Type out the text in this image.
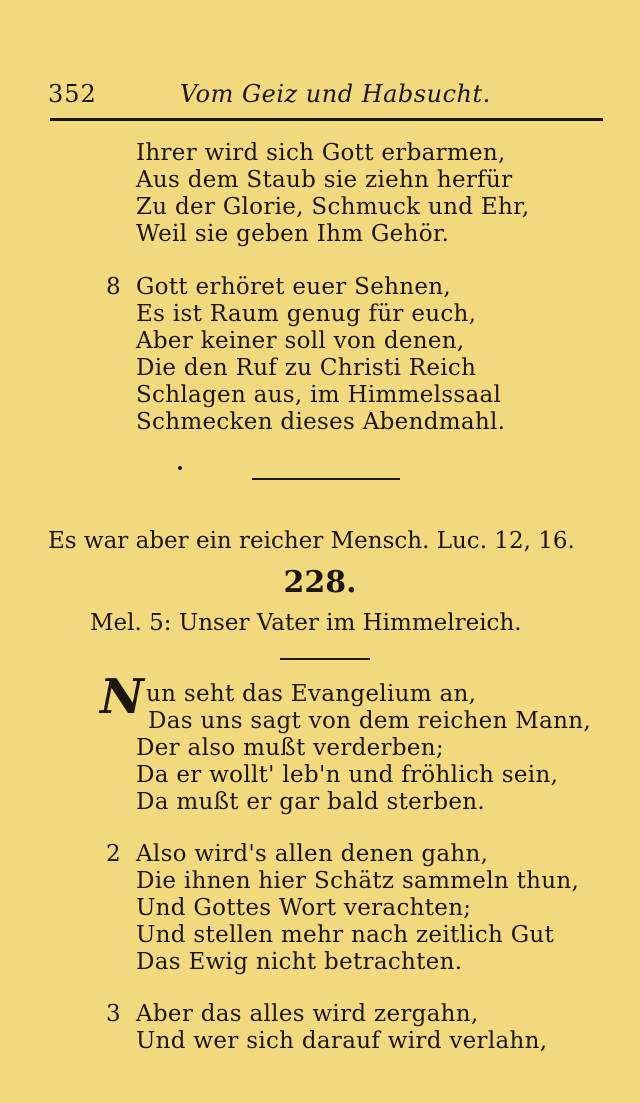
352	Vom Geiz und Habsucht.
Ihrer wird sich Gott erbarmen,
Aus dem Staub sie ziehn herfür
Zu der Glorie, Schmuck und Ehr,
Weil sie geben Ihm Gehör.
8 Gott erhöret euer Sehnen,
Es ist Raum genug für euch,
Aber keiner soll von denen,
Die den Ruf zu Christi Reich
Schlagen aus, im Himmelssaal
Schmecken dieses Abendmahl.
Es war aber ein reicher Mensch. Luc. 12, 16.
228.
Mel. 5: Unser Vater im Himmelreich.
N un seht das Evangelium an,
Das uns sagt von dem reichen Mann,
Der also mußt verderben;
Da er wollt' leb'n und fröhlich sein,
Da mußt er gar bald sterben.
2 Also wird's allen denen gahn,
Die ihnen hier Schätz sammeln thun,
Und Gottes Wort verachten;
Und stellen mehr nach zeitlich Gut
Das Ewig nicht betrachten.
3 Aber das alles wird zergahn,
Und wer sich darauf wird verlahn,
